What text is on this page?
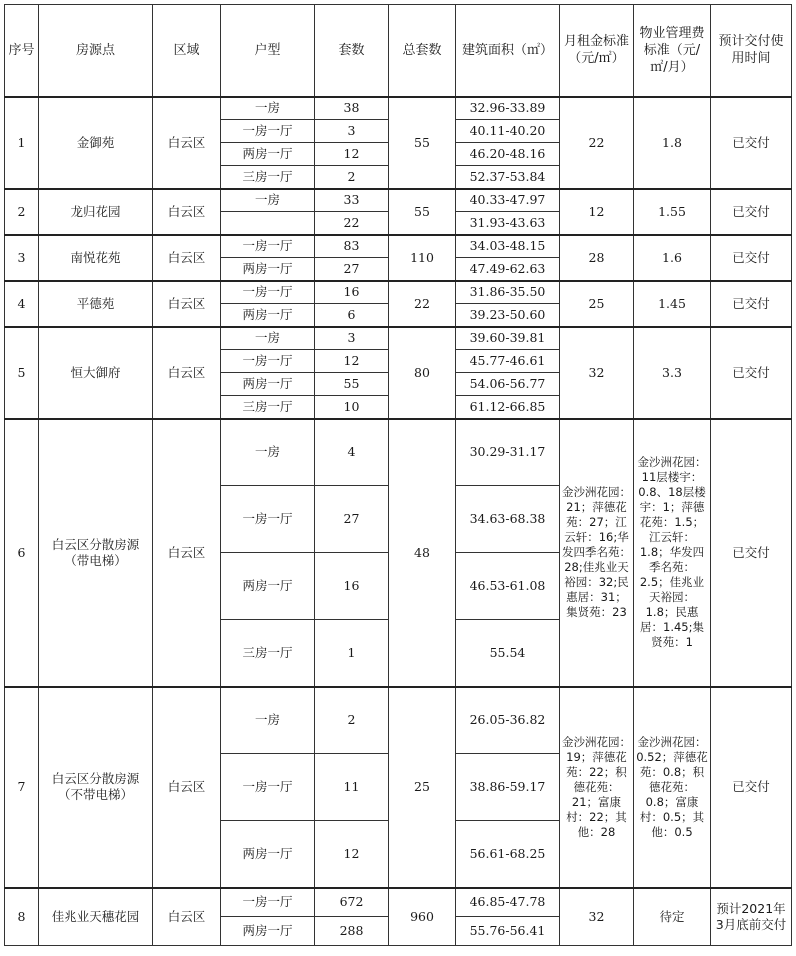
序号	房源点	区域	户型	套数	总套数	建筑面积（㎡）	月租金标准（元/㎡）	物业管理费标准（元/㎡/月）	预计交付使用时间
1	金御苑	白云区	一房	38	55	32.96-33.89	22	1.8	已交付
			一房一厅	3		40.11-40.20			
			两房一厅	12		46.20-48.16			
			三房一厅	2		52.37-53.84			
2	龙归花园	白云区	一房	33	55	40.33-47.97	12	1.55	已交付
				22		31.93-43.63			
3	南悦花苑	白云区	一房一厅	83	110	34.03-48.15	28	1.6	已交付
			两房一厅	27		47.49-62.63			
4	平德苑	白云区	一房一厅	16	22	31.86-35.50	25	1.45	已交付
			两房一厅	6		39.23-50.60			
5	恒大御府	白云区	一房	3	80	39.60-39.81	32	3.3	已交付
			一房一厅	12		45.77-46.61			
			两房一厅	55		54.06-56.77			
			三房一厅	10		61.12-66.85			
6	白云区分散房源（带电梯）	白云区	一房	4	48	30.29-31.17	金沙洲花园：21；萍德花苑：27；江云轩：16;华发四季名苑：28;佳兆业天裕园：32;民惠居：31；集贤苑：23	金沙洲花园：11层楼宇：0.8、18层楼宇：1；萍德花苑：1.5；江云轩：1.8；华发四季名苑：2.5；佳兆业天裕园：1.8；民惠居：1.45;集贤苑：1	已交付
			一房一厅	27		34.63-68.38			
			两房一厅	16		46.53-61.08			
			三房一厅	1		55.54			
7	白云区分散房源（不带电梯）	白云区	一房	2	25	26.05-36.82	金沙洲花园：19；萍德花苑：22；积德花苑：21；富康村：22；其他：28	金沙洲花园：0.52；萍德花苑：0.8；积德花苑：0.8；富康村：0.5；其他：0.5	已交付
			一房一厅	11		38.86-59.17			
			两房一厅	12		56.61-68.25			
8	佳兆业天穗花园	白云区	一房一厅	672	960	46.85-47.78	32	待定	预计2021年3月底前交付
			两房一厅	288		55.76-56.41			
